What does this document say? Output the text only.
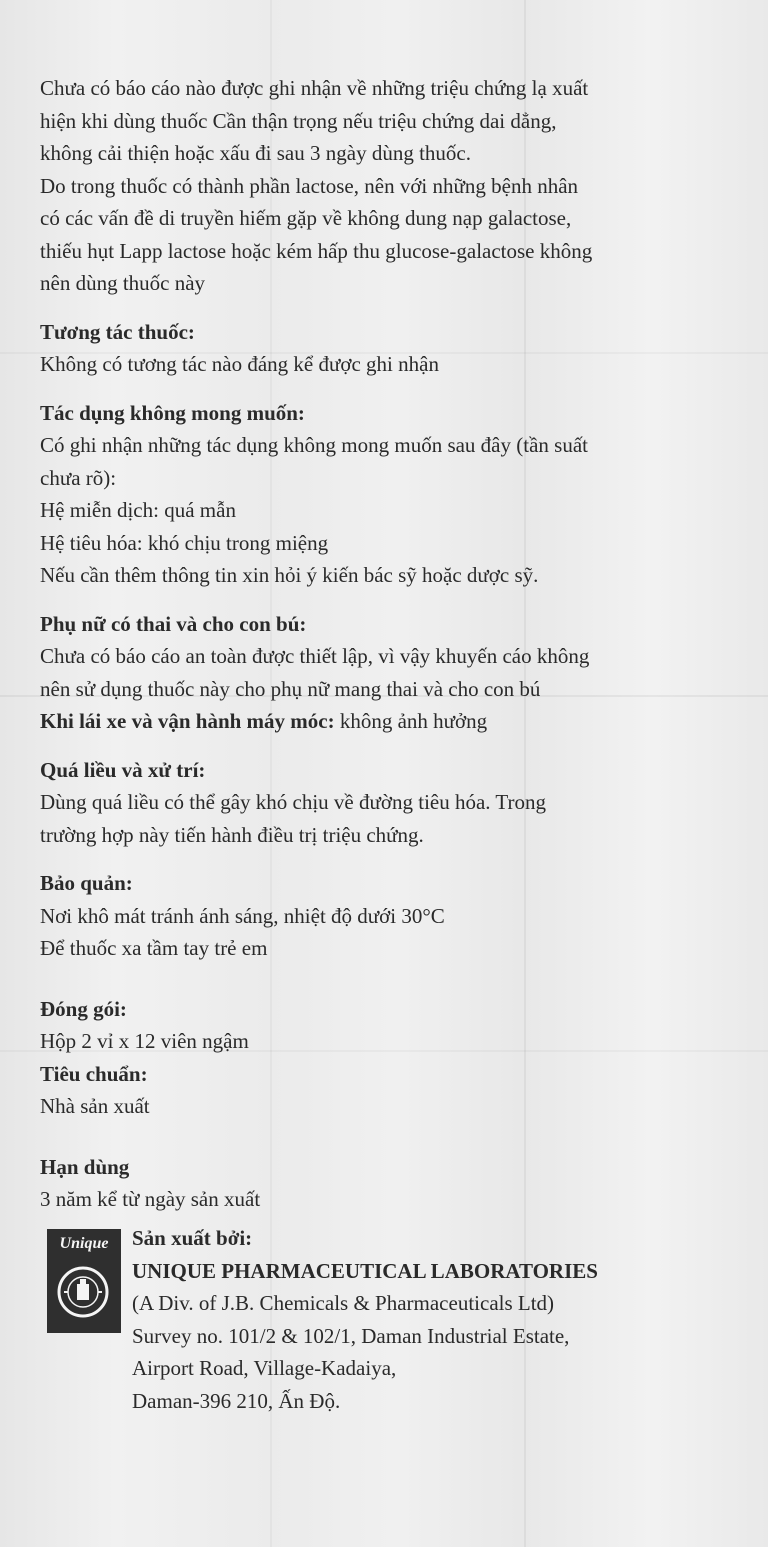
Chưa có báo cáo nào được ghi nhận về những triệu chứng lạ xuất

hiện khi dùng thuốc Cần thận trọng nếu triệu chứng dai dẳng,

không cải thiện hoặc xấu đi sau 3 ngày dùng thuốc.

Do trong thuốc có thành phần lactose, nên với những bệnh nhân

có các vấn đề di truyền hiếm gặp về không dung nạp galactose,

thiếu hụt Lapp lactose hoặc kém hấp thu glucose-galactose không

nên dùng thuốc này

Tương tác thuốc:

Không có tương tác nào đáng kể được ghi nhận

Tác dụng không mong muốn:

Có ghi nhận những tác dụng không mong muốn sau đây (tần suất

chưa rõ):

Hệ miễn dịch: quá mẫn

Hệ tiêu hóa: khó chịu trong miệng

Nếu cần thêm thông tin xin hỏi ý kiến bác sỹ hoặc dược sỹ.

Phụ nữ có thai và cho con bú:

Chưa có báo cáo an toàn được thiết lập, vì vậy khuyến cáo không

nên sử dụng thuốc này cho phụ nữ mang thai và cho con bú

Khi lái xe và vận hành máy móc: không ảnh hưởng

Quá liều và xử trí:

Dùng quá liều có thể gây khó chịu về đường tiêu hóa. Trong

trường hợp này tiến hành điều trị triệu chứng.

Bảo quản:

Nơi khô mát tránh ánh sáng, nhiệt độ dưới 30°C

Để thuốc xa tầm tay trẻ em

Đóng gói:

Hộp 2 vỉ x 12 viên ngậm

Tiêu chuẩn:

Nhà sản xuất

Hạn dùng

3 năm kể từ ngày sản xuất

Unique	Sản xuất bởi:

UNIQUE PHARMACEUTICAL LABORATORIES

(A Div. of J.B. Chemicals & Pharmaceuticals Ltd)

Survey no. 101/2 & 102/1, Daman Industrial Estate,

Airport Road, Village-Kadaiya,

Daman-396 210, Ấn Độ.
